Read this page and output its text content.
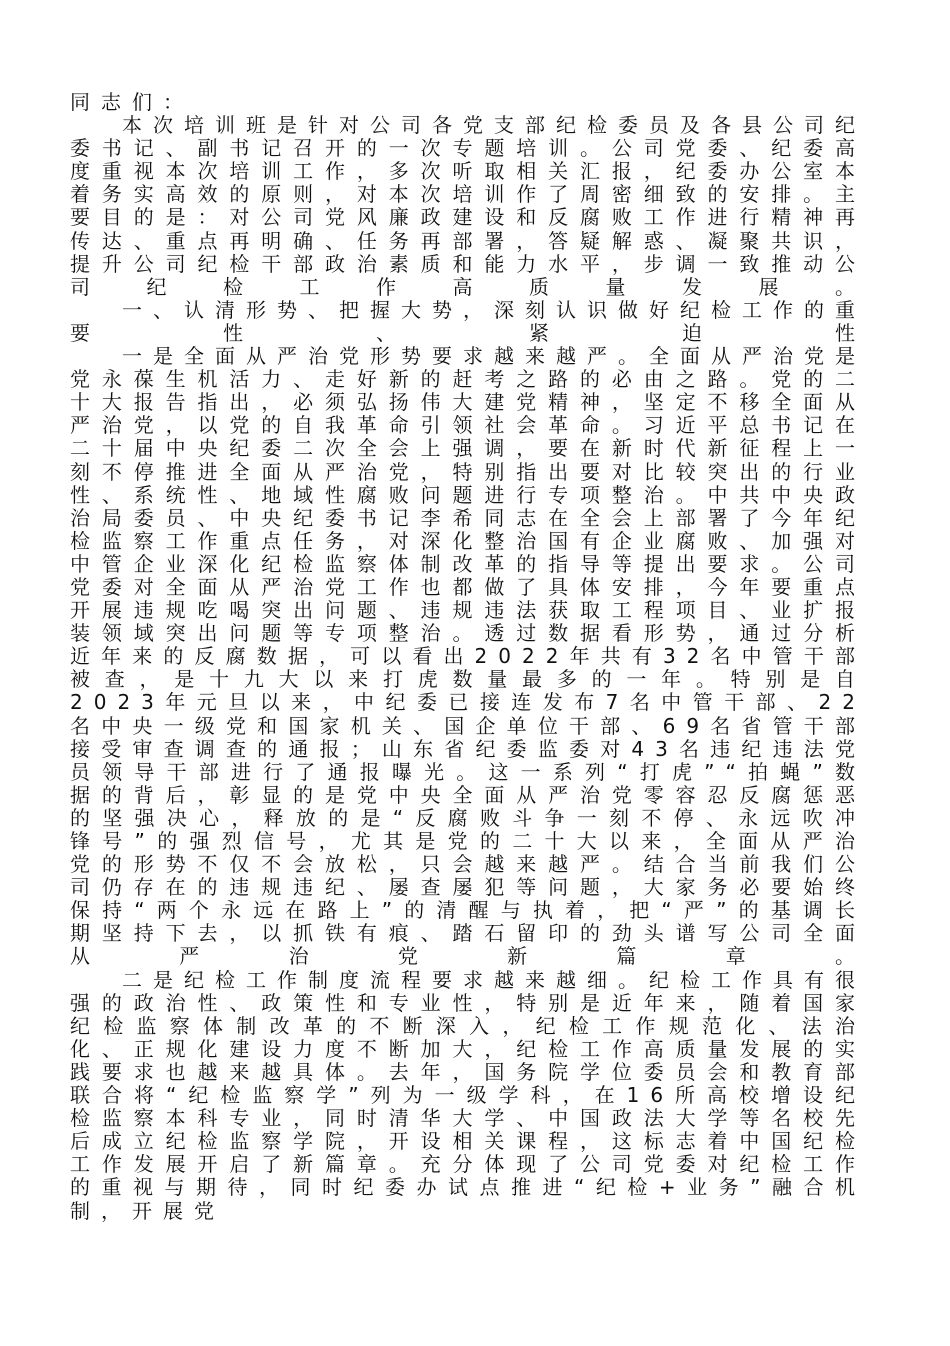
同志们：

本次培训班是针对公司各党支部纪检委员及各县公司纪委书记、副书记召开的一次专题培训。公司党委、纪委高度重视本次培训工作，多次听取相关汇报，纪委办公室本着务实高效的原则，对本次培训作了周密细致的安排。主要目的是：对公司党风廉政建设和反腐败工作进行精神再传达、重点再明确、任务再部署，答疑解惑、凝聚共识，提升公司纪检干部政治素质和能力水平，步调一致推动公司纪检工作高质量发展。

一、认清形势、把握大势，深刻认识做好纪检工作的重要性、紧迫性

一是全面从严治党形势要求越来越严。全面从严治党是党永葆生机活力、走好新的赶考之路的必由之路。党的二十大报告指出，必须弘扬伟大建党精神，坚定不移全面从严治党，以党的自我革命引领社会革命。习近平总书记在二十届中央纪委二次全会上强调，要在新时代新征程上一刻不停推进全面从严治党，特别指出要对比较突出的行业性、系统性、地域性腐败问题进行专项整治。中共中央政治局委员、中央纪委书记李希同志在全会上部署了今年纪检监察工作重点任务，对深化整治国有企业腐败、加强对中管企业深化纪检监察体制改革的指导等提出要求。公司党委对全面从严治党工作也都做了具体安排，今年要重点开展违规吃喝突出问题、违规违法获取工程项目、业扩报装领域突出问题等专项整治。透过数据看形势，通过分析近年来的反腐数据，可以看出2022年共有32名中管干部被查，是十九大以来打虎数量最多的一年。特别是自2023年元旦以来，中纪委已接连发布7名中管干部、22名中央一级党和国家机关、国企单位干部、69名省管干部接受审查调查的通报；山东省纪委监委对43名违纪违法党员领导干部进行了通报曝光。这一系列“打虎”“拍蝇”数据的背后，彰显的是党中央全面从严治党零容忍反腐惩恶的坚强决心，释放的是“反腐败斗争一刻不停、永远吹冲锋号”的强烈信号，尤其是党的二十大以来，全面从严治党的形势不仅不会放松，只会越来越严。结合当前我们公司仍存在的违规违纪、屡查屡犯等问题，大家务必要始终保持“两个永远在路上”的清醒与执着，把“严”的基调长期坚持下去，以抓铁有痕、踏石留印的劲头谱写公司全面从严治党新篇章。

二是纪检工作制度流程要求越来越细。纪检工作具有很强的政治性、政策性和专业性，特别是近年来，随着国家纪检监察体制改革的不断深入，纪检工作规范化、法治化、正规化建设力度不断加大，纪检工作高质量发展的实践要求也越来越具体。去年，国务院学位委员会和教育部联合将“纪检监察学”列为一级学科，在16所高校增设纪检监察本科专业，同时清华大学、中国政法大学等名校先后成立纪检监察学院，开设相关课程，这标志着中国纪检工作发展开启了新篇章。充分体现了公司党委对纪检工作的重视与期待，同时纪委办试点推进“纪检+业务”融合机制，开展党
